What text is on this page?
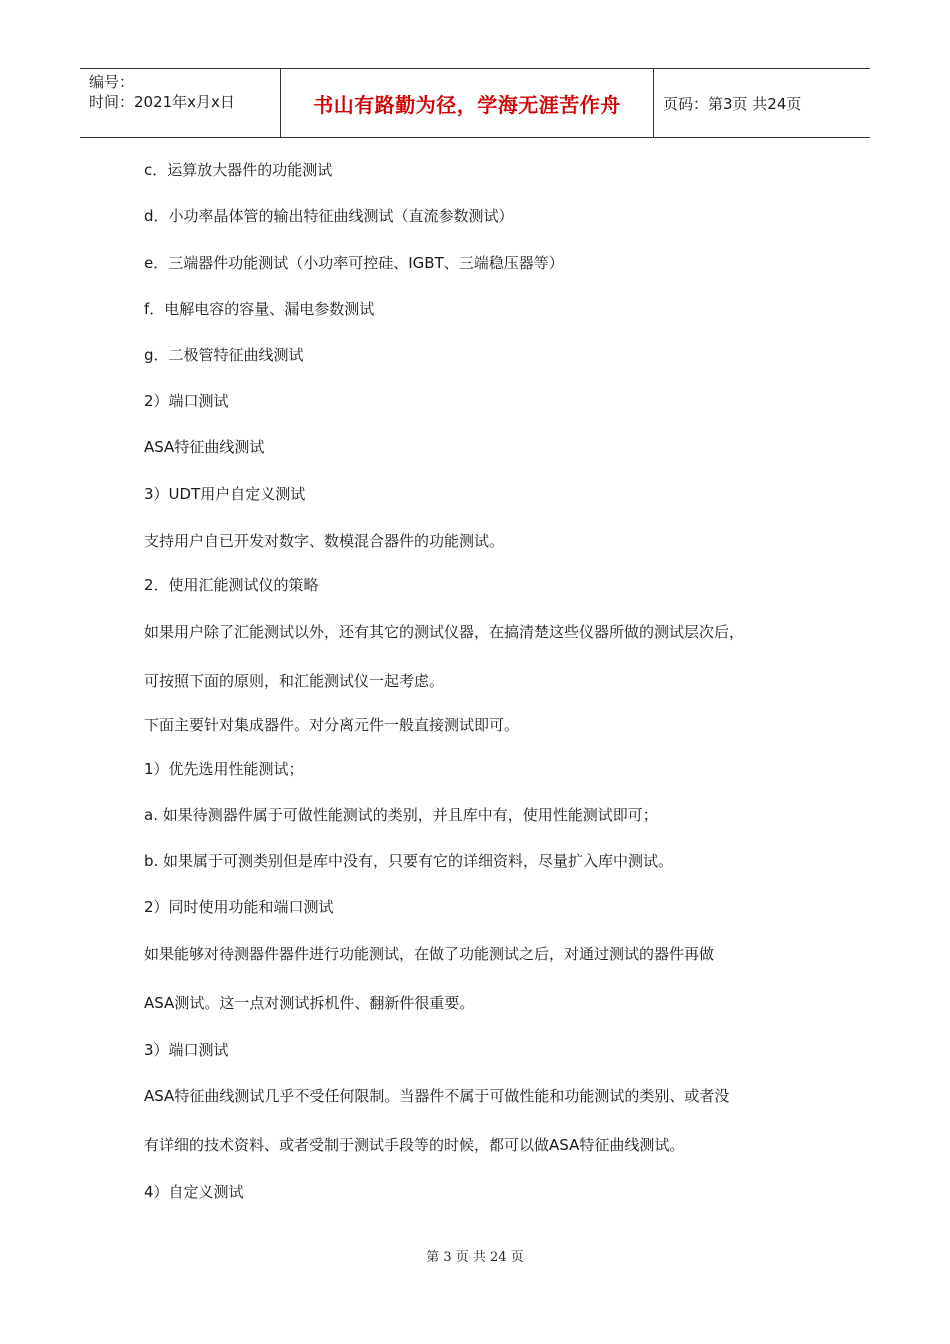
编号：
时间：2021年x月x日	书山有路勤为径，学海无涯苦作舟	页码：第3页 共24页
c．运算放大器件的功能测试
d．小功率晶体管的输出特征曲线测试（直流参数测试）
e．三端器件功能测试（小功率可控硅、IGBT、三端稳压器等）
f．电解电容的容量、漏电参数测试
g．二极管特征曲线测试
2）端口测试
ASA特征曲线测试
3）UDT用户自定义测试
支持用户自已开发对数字、数模混合器件的功能测试。
2．使用汇能测试仪的策略
如果用户除了汇能测试以外，还有其它的测试仪器，在搞清楚这些仪器所做的测试层次后，
可按照下面的原则，和汇能测试仪一起考虑。
下面主要针对集成器件。对分离元件一般直接测试即可。
1）优先选用性能测试；
a. 如果待测器件属于可做性能测试的类别，并且库中有，使用性能测试即可；
b. 如果属于可测类别但是库中没有，只要有它的详细资料，尽量扩入库中测试。
2）同时使用功能和端口测试
如果能够对待测器件器件进行功能测试，在做了功能测试之后，对通过测试的器件再做
ASA测试。这一点对测试拆机件、翻新件很重要。
3）端口测试
ASA特征曲线测试几乎不受任何限制。当器件不属于可做性能和功能测试的类别、或者没
有详细的技术资料、或者受制于测试手段等的时候，都可以做ASA特征曲线测试。
4）自定义测试
第 3 页 共 24 页
